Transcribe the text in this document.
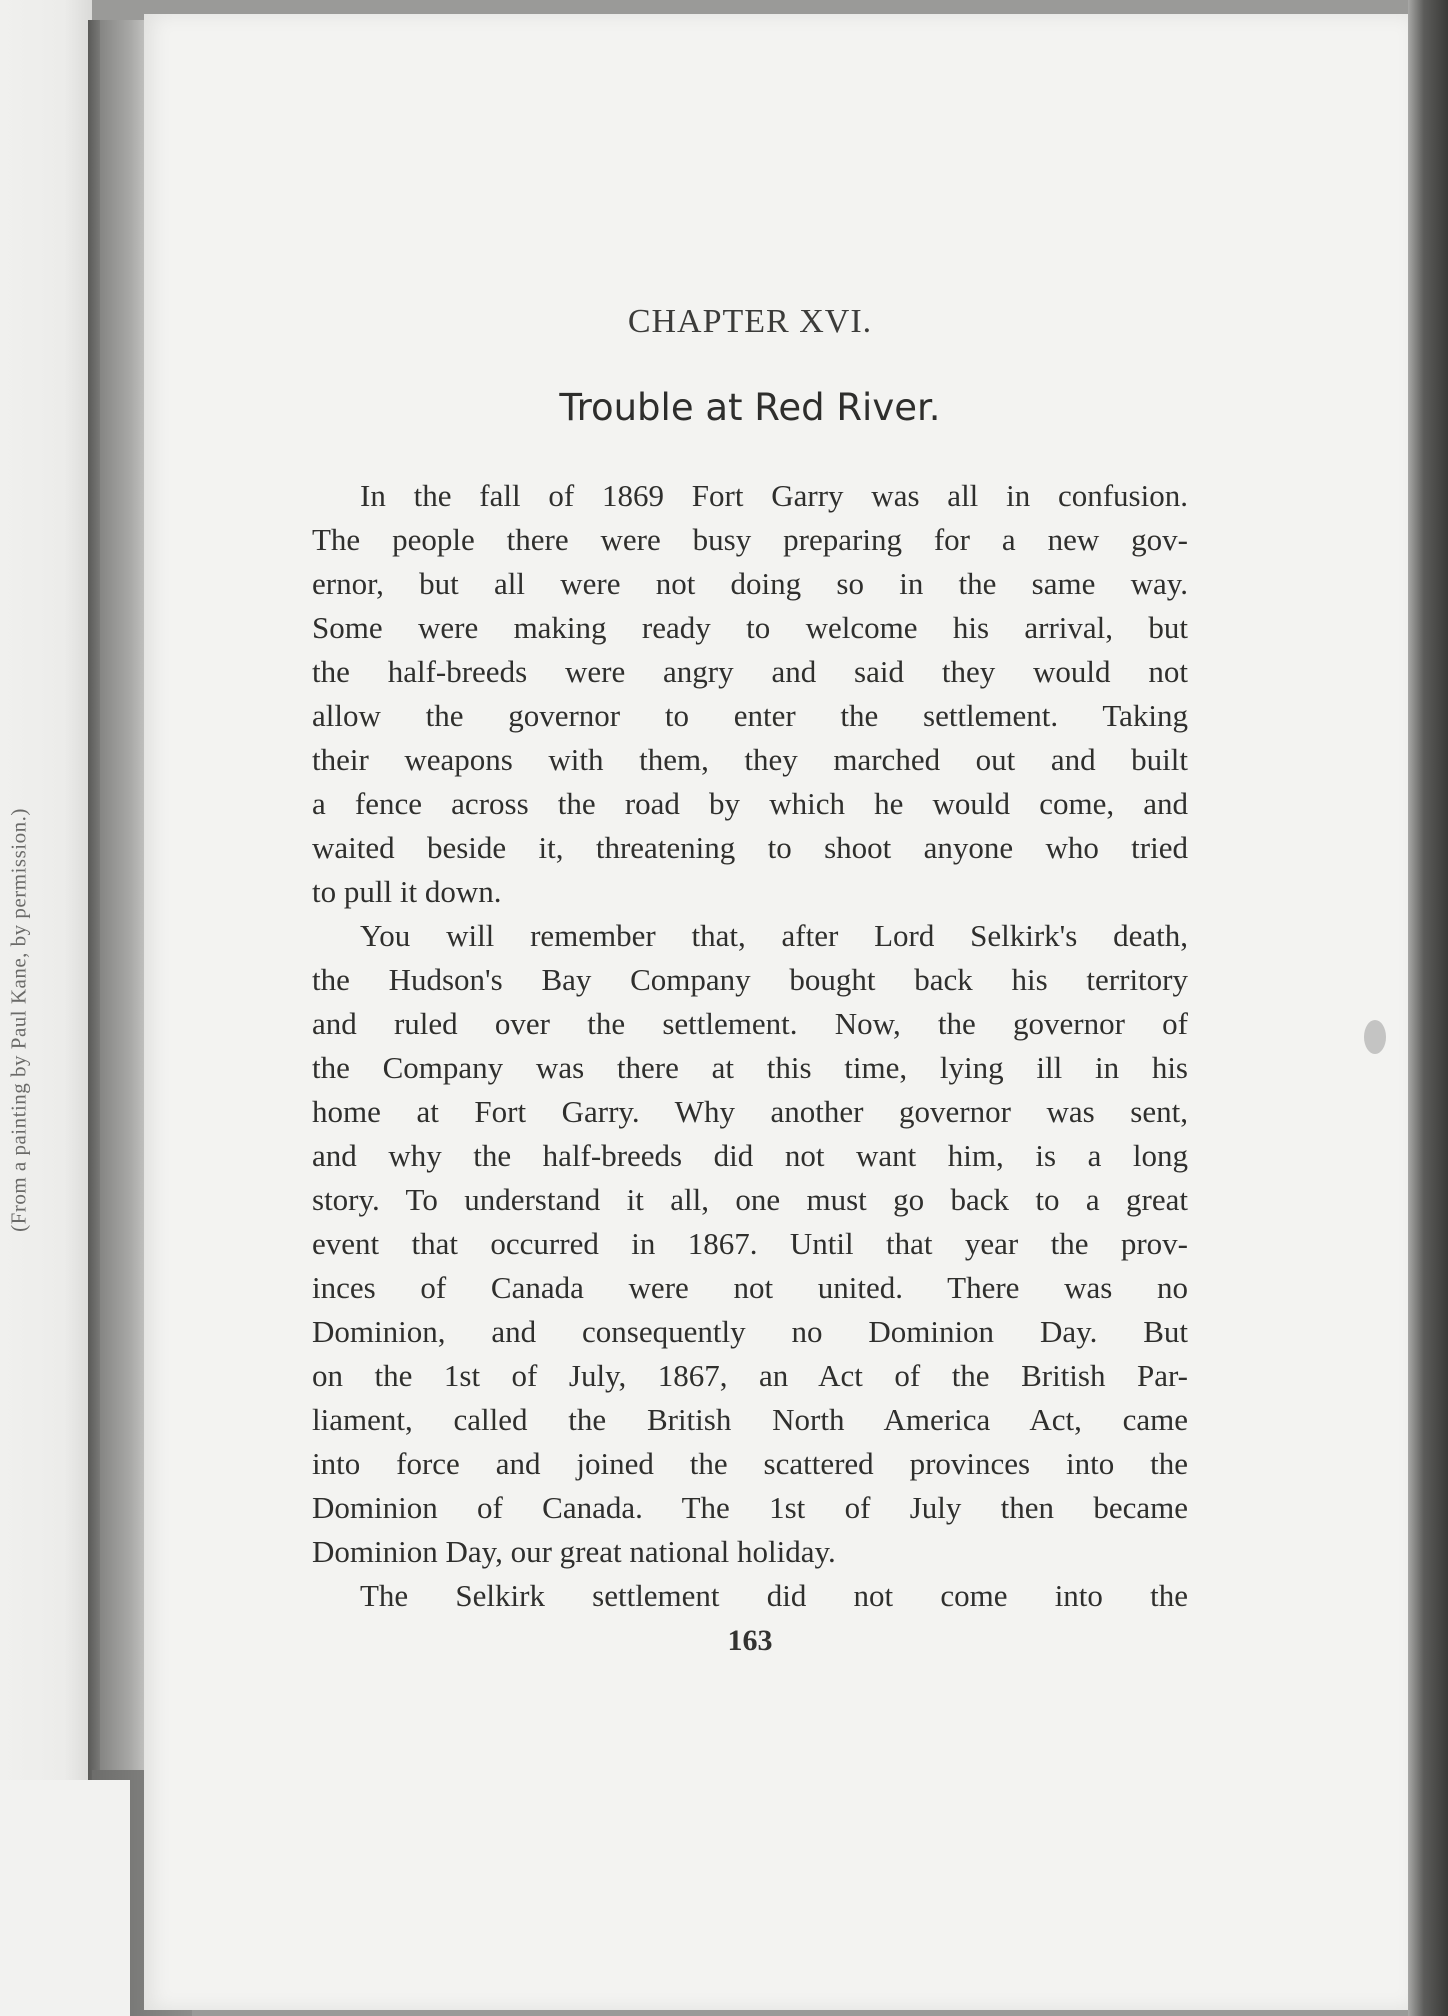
(From a painting by Paul Kane, by permission.)
CHAPTER XVI.
Trouble at Red River.
In the fall of 1869 Fort Garry was all in confusion.
The people there were busy preparing for a new gov-
ernor, but all were not doing so in the same way.
Some were making ready to welcome his arrival, but
the half-breeds were angry and said they would not
allow the governor to enter the settlement. Taking
their weapons with them, they marched out and built
a fence across the road by which he would come, and
waited beside it, threatening to shoot anyone who tried
to pull it down.
You will remember that, after Lord Selkirk's death,
the Hudson's Bay Company bought back his territory
and ruled over the settlement. Now, the governor of
the Company was there at this time, lying ill in his
home at Fort Garry. Why another governor was sent,
and why the half-breeds did not want him, is a long
story. To understand it all, one must go back to a great
event that occurred in 1867. Until that year the prov-
inces of Canada were not united. There was no
Dominion, and consequently no Dominion Day. But
on the 1st of July, 1867, an Act of the British Par-
liament, called the British North America Act, came
into force and joined the scattered provinces into the
Dominion of Canada. The 1st of July then became
Dominion Day, our great national holiday.
The Selkirk settlement did not come into the
163
